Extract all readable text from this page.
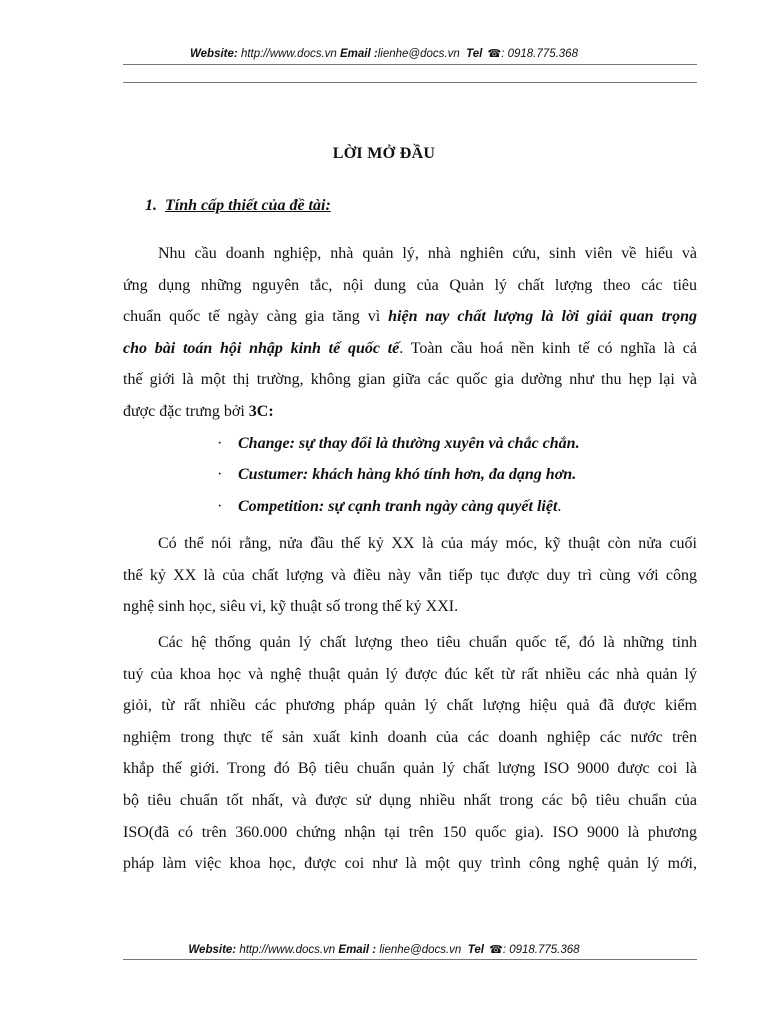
Website: http://www.docs.vn Email :lienhe@docs.vn Tel ☎: 0918.775.368
LỜI MỞ ĐẦU
1. Tính cấp thiết của đề tài:
Nhu cầu doanh nghiệp, nhà quản lý, nhà nghiên cứu, sinh viên về hiểu và
ứng dụng những nguyên tắc, nội dung của Quản lý chất lượng theo các tiêu
chuẩn quốc tế ngày càng gia tăng vì hiện nay chất lượng là lời giải quan trọng
cho bài toán hội nhập kinh tế quốc tế. Toàn cầu hoá nền kinh tế có nghĩa là cả
thế giới là một thị trường, không gian giữa các quốc gia dường như thu hẹp lại và
được đặc trưng bởi 3C:
· Change: sự thay đổi là thường xuyên và chắc chắn.
· Custumer: khách hàng khó tính hơn, đa dạng hơn.
· Competition: sự cạnh tranh ngày càng quyết liệt.
Có thể nói rằng, nửa đầu thế kỷ XX là của máy móc, kỹ thuật còn nửa cuối
thế kỷ XX là của chất lượng và điều này vẫn tiếp tục được duy trì cùng với công
nghệ sinh học, siêu vi, kỹ thuật số trong thế kỷ XXI.
Các hệ thống quản lý chất lượng theo tiêu chuẩn quốc tế, đó là những tinh
tuý của khoa học và nghệ thuật quản lý được đúc kết từ rất nhiều các nhà quản lý
giỏi, từ rất nhiều các phương pháp quản lý chất lượng hiệu quả đã được kiểm
nghiệm trong thực tế sản xuất kinh doanh của các doanh nghiệp các nước trên
khắp thế giới. Trong đó Bộ tiêu chuẩn quản lý chất lượng ISO 9000 được coi là
bộ tiêu chuẩn tốt nhất, và được sử dụng nhiều nhất trong các bộ tiêu chuẩn của
ISO(đã có trên 360.000 chứng nhận tại trên 150 quốc gia). ISO 9000 là phương
pháp làm việc khoa học, được coi như là một quy trình công nghệ quản lý mới,
Website: http://www.docs.vn Email : lienhe@docs.vn Tel ☎: 0918.775.368
